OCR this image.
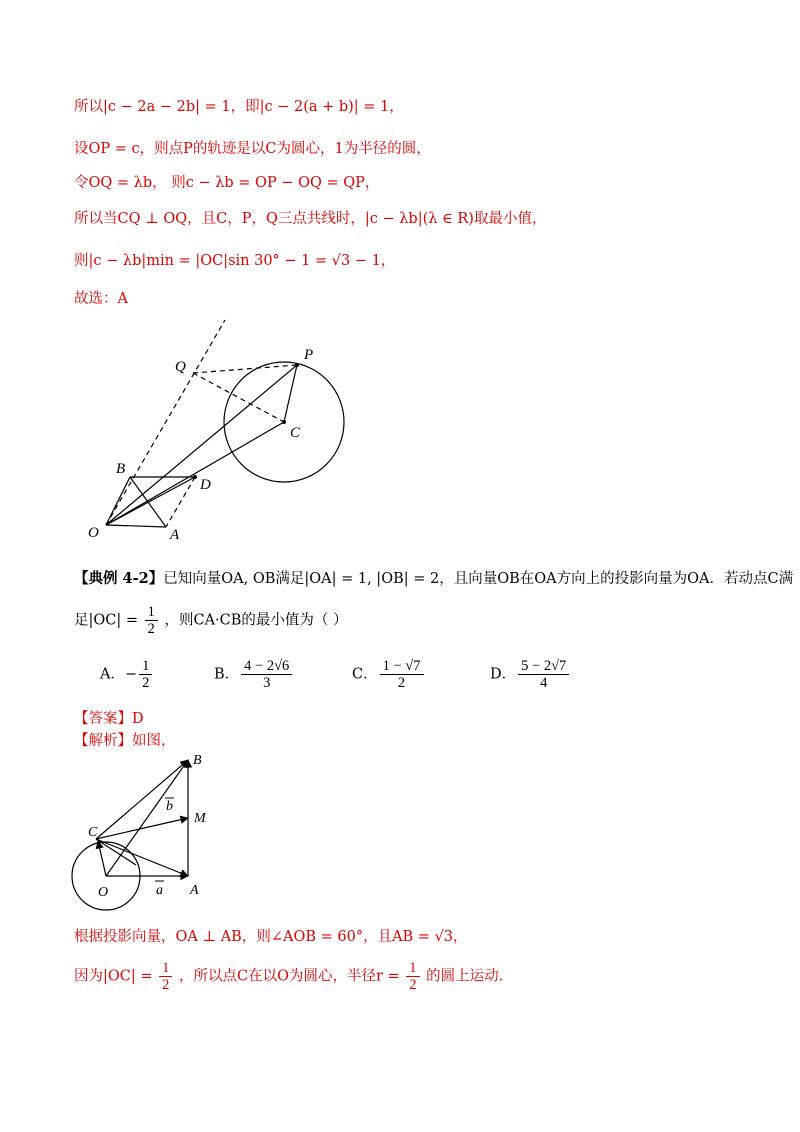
所以|c − 2a − 2b| = 1，即|c − 2(a + b)| = 1，
设OP = c，则点P的轨迹是以C为圆心，1为半径的圆，
令OQ = λb， 则c − λb = OP − OQ = QP，
所以当CQ ⊥ OQ，且C，P，Q三点共线时，|c − λb|(λ ∈ R)取最小值，
则|c − λb|min = |OC|sin 30° − 1 = √3 − 1，
故选：A
Q
P
C
B
D
O	A
【典例 4-2】已知向量OA, OB满足|OA| = 1, |OB| = 2，且向量OB在OA方向上的投影向量为OA．若动点C满
足$|OC| = \frac{1}{2}$ ，则CA·CB的最小值为（ ）
A．− $\frac{1}{2}$	B． $\frac{4 - 2√6}{3}$	C． $\frac{1 - √7}{2}$	D． $\frac{5 - 2√7}{4}$
【答案】D
【解析】如图，
B
M
C
b
O	a A
根据投影向量，OA ⊥ AB，则∠AOB = 60°，且AB = √3，
因为$|OC| = \frac{1}{2}$ ，所以点C在以O为圆心，半径$r = \frac{1}{2}$ 的圆上运动.
